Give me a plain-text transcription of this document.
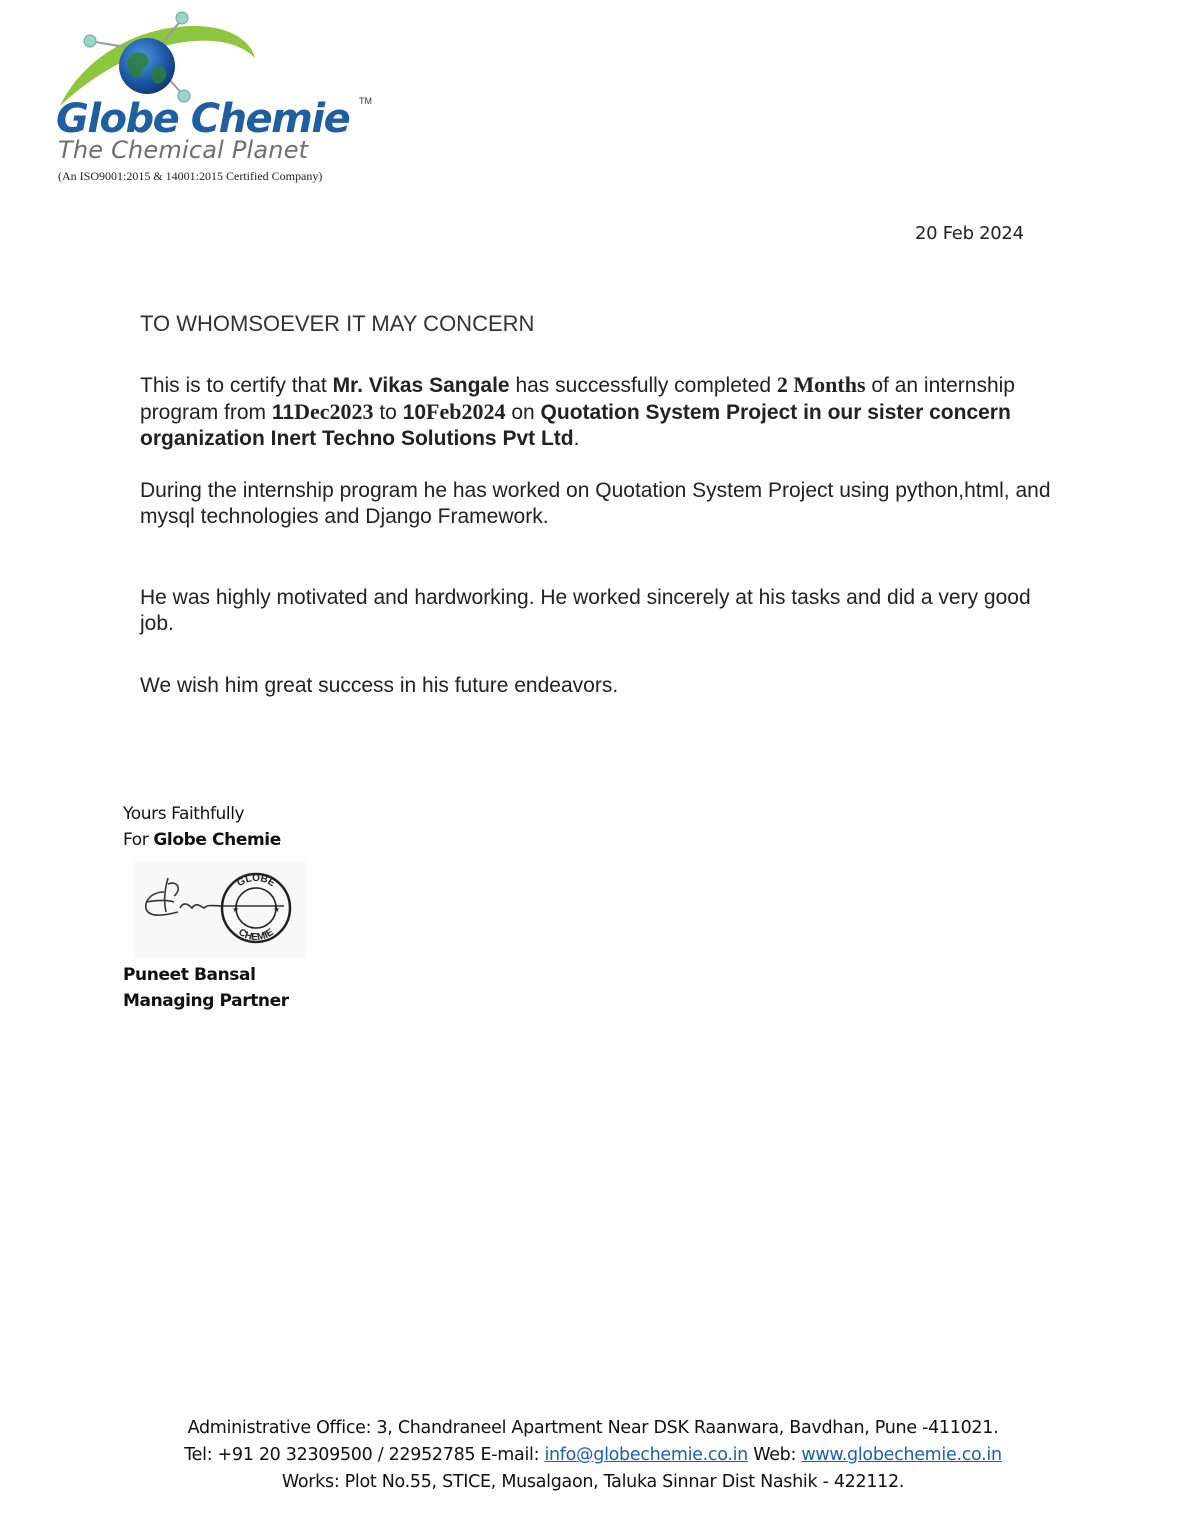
Globe Chemie	TM
The Chemical Planet
(An ISO9001:2015 & 14001:2015 Certified Company)
20 Feb 2024
TO WHOMSOEVER IT MAY CONCERN
This is to certify that Mr. Vikas Sangale has successfully completed 2 Months of an internship program from 11Dec2023 to 10Feb2024 on Quotation System Project in our sister concern organization Inert Techno Solutions Pvt Ltd.
During the internship program he has worked on Quotation System Project using python,html, and mysql technologies and Django Framework.
He was highly motivated and hardworking. He worked sincerely at his tasks and did a very good job.
We wish him great success in his future endeavors.
Yours Faithfully
For Globe Chemie
GLOBE
CHEMIE
★	★
Puneet Bansal
Managing Partner
Administrative Office: 3, Chandraneel Apartment Near DSK Raanwara, Bavdhan, Pune -411021.
Tel: +91 20 32309500 / 22952785 E-mail: info@globechemie.co.in Web: www.globechemie.co.in
Works: Plot No.55, STICE, Musalgaon, Taluka Sinnar Dist Nashik - 422112.
